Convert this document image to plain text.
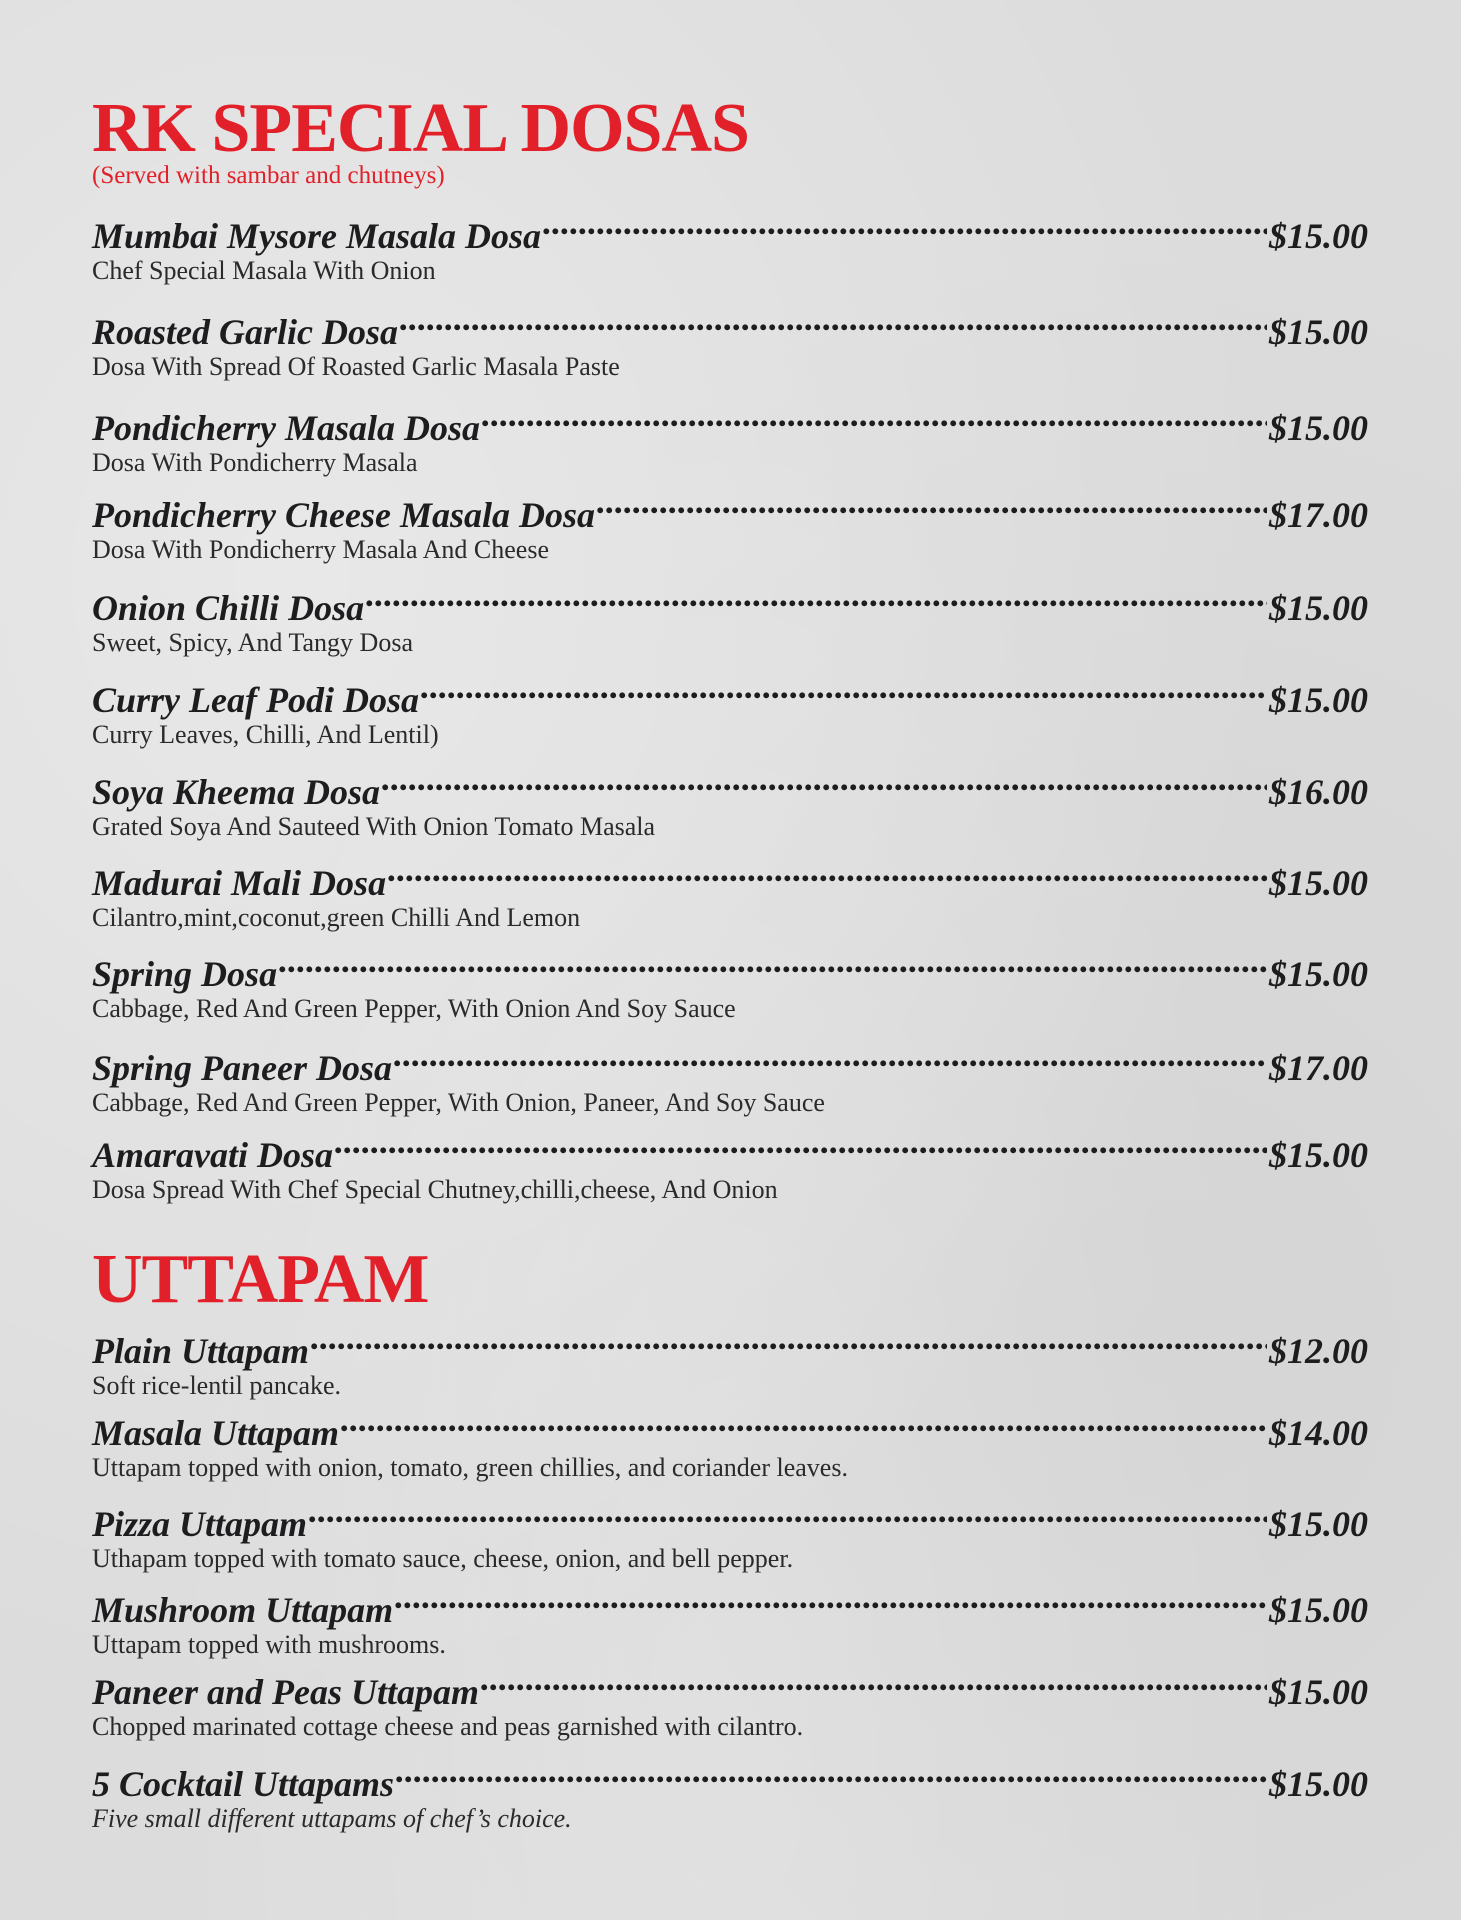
RK SPECIAL DOSAS
(Served with sambar and chutneys)
Mumbai Mysore Masala Dosa .....	$15.00
Chef Special Masala With Onion
Roasted Garlic Dosa .....	$15.00
Dosa With Spread Of Roasted Garlic Masala Paste
Pondicherry Masala Dosa .....	$15.00
Dosa With Pondicherry Masala
Pondicherry Cheese Masala Dosa .....	$17.00
Dosa With Pondicherry Masala And Cheese
Onion Chilli Dosa .....	$15.00
Sweet, Spicy, And Tangy Dosa
Curry Leaf Podi Dosa .....	$15.00
Curry Leaves, Chilli, And Lentil)
Soya Kheema Dosa .....	$16.00
Grated Soya And Sauteed With Onion Tomato Masala
Madurai Mali Dosa .....	$15.00
Cilantro,mint,coconut,green Chilli And Lemon
Spring Dosa .....	$15.00
Cabbage, Red And Green Pepper, With Onion And Soy Sauce
Spring Paneer Dosa .....	$17.00
Cabbage, Red And Green Pepper, With Onion, Paneer, And Soy Sauce
Amaravati Dosa .....	$15.00
Dosa Spread With Chef Special Chutney,chilli,cheese, And Onion
UTTAPAM
Plain Uttapam .....	$12.00
Soft rice-lentil pancake.
Masala Uttapam .....	$14.00
Uttapam topped with onion, tomato, green chillies, and coriander leaves.
Pizza Uttapam .....	$15.00
Uthapam topped with tomato sauce, cheese, onion, and bell pepper.
Mushroom Uttapam .....	$15.00
Uttapam topped with mushrooms.
Paneer and Peas Uttapam .....	$15.00
Chopped marinated cottage cheese and peas garnished with cilantro.
5 Cocktail Uttapams .....	$15.00
Five small different uttapams of chef’s choice.
